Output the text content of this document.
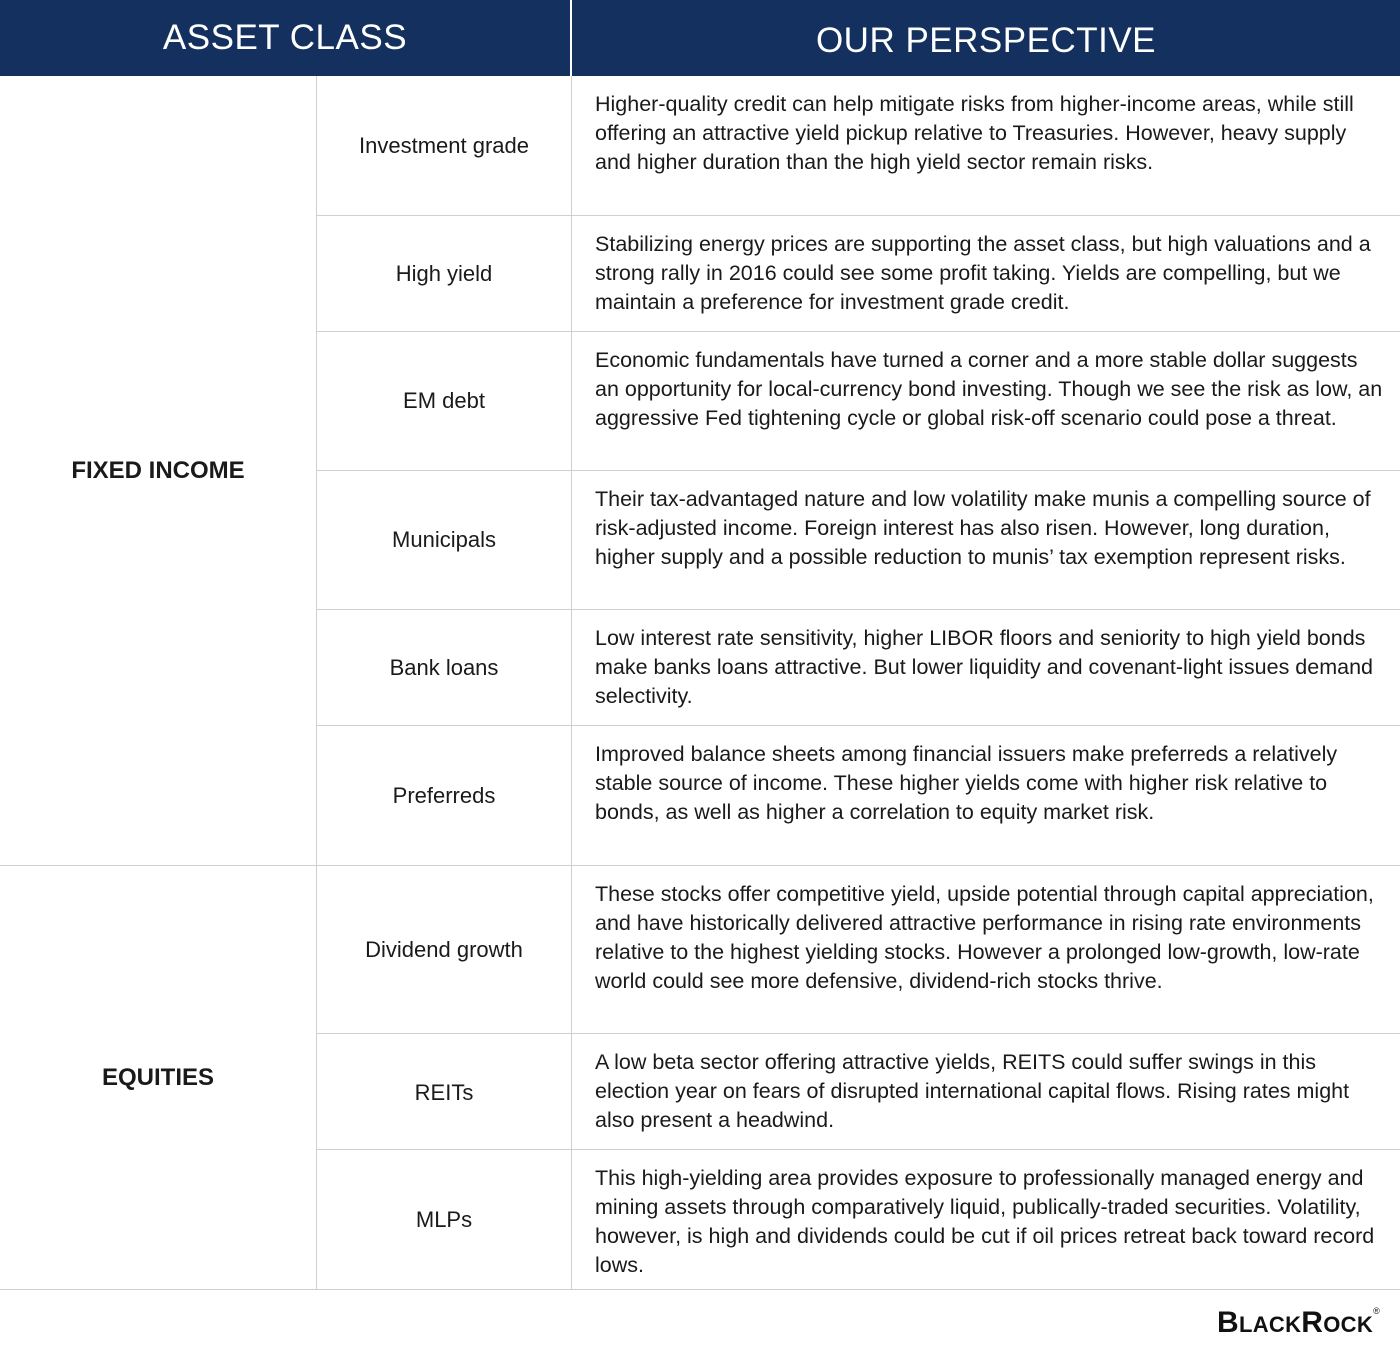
ASSET CLASS	OUR PERSPECTIVE
FIXED INCOME
Investment grade
Higher-quality credit can help mitigate risks from higher-income areas, while still offering an attractive yield pickup relative to Treasuries. However, heavy supply and higher duration than the high yield sector remain risks.
High yield
Stabilizing energy prices are supporting the asset class, but high valuations and a strong rally in 2016 could see some profit taking. Yields are compelling, but we maintain a preference for investment grade credit.
EM debt
Economic fundamentals have turned a corner and a more stable dollar suggests an opportunity for local-currency bond investing. Though we see the risk as low, an aggressive Fed tightening cycle or global risk-off scenario could pose a threat.
Municipals
Their tax-advantaged nature and low volatility make munis a compelling source of risk-adjusted income. Foreign interest has also risen. However, long duration, higher supply and a possible reduction to munis’ tax exemption represent risks.
Bank loans
Low interest rate sensitivity, higher LIBOR floors and seniority to high yield bonds make banks loans attractive. But lower liquidity and covenant-light issues demand selectivity.
Preferreds
Improved balance sheets among financial issuers make preferreds a relatively stable source of income. These higher yields come with higher risk relative to bonds, as well as higher a correlation to equity market risk.
EQUITIES
Dividend growth
These stocks offer competitive yield, upside potential through capital appreciation, and have historically delivered attractive performance in rising rate environments relative to the highest yielding stocks. However a prolonged low-growth, low-rate world could see more defensive, dividend-rich stocks thrive.
REITs
A low beta sector offering attractive yields, REITS could suffer swings in this election year on fears of disrupted international capital flows. Rising rates might also present a headwind.
MLPs
This high-yielding area provides exposure to professionally managed energy and mining assets through comparatively liquid, publically-traded securities. Volatility, however, is high and dividends could be cut if oil prices retreat back toward record lows.
BLACKROCK®
